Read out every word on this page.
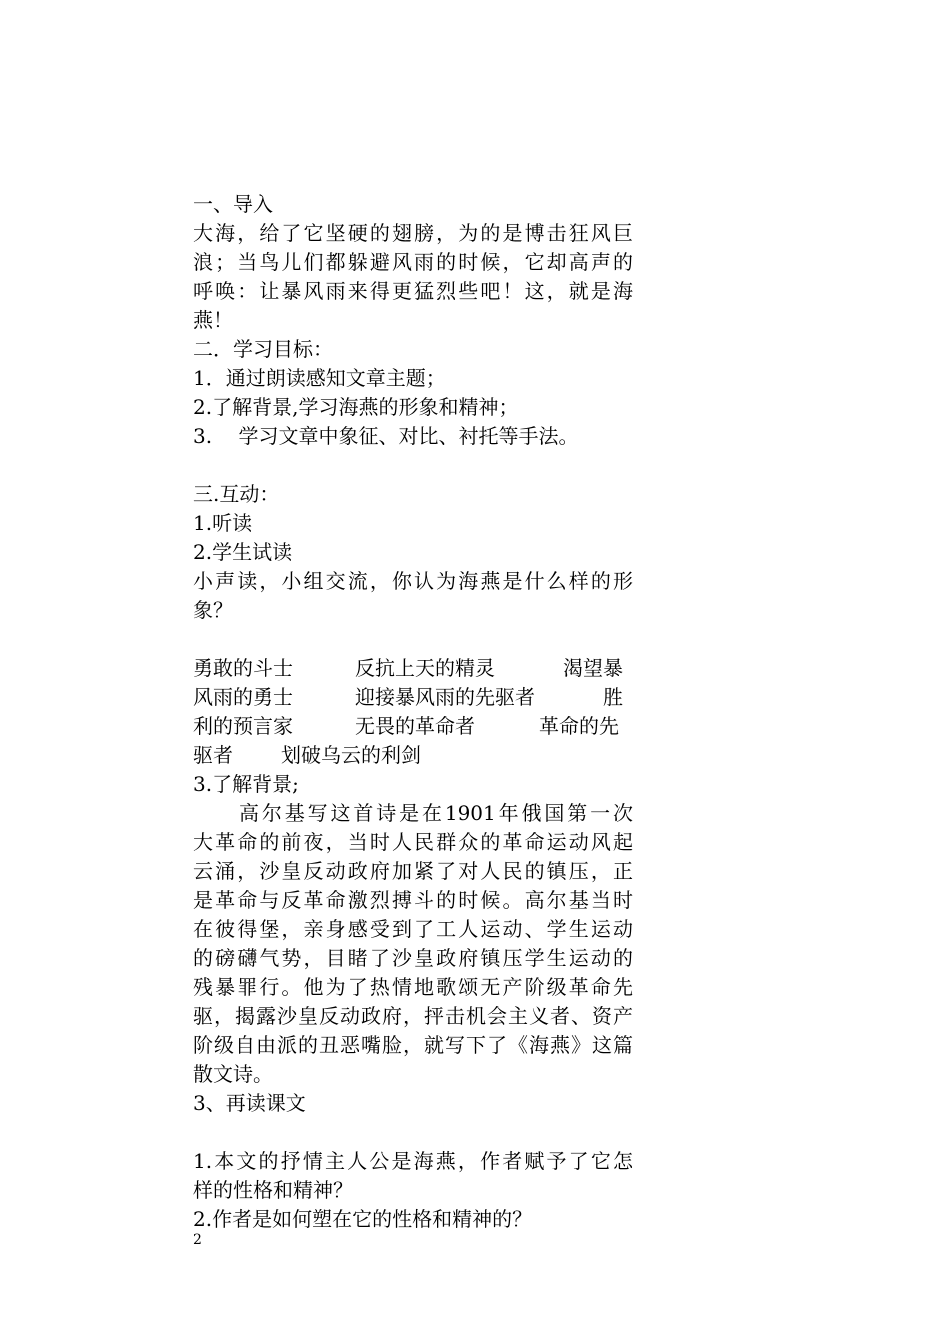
一、导入
大海，给了它坚硬的翅膀，为的是博击狂风巨
浪；当鸟儿们都躲避风雨的时候，它却高声的
呼唤：让暴风雨来得更猛烈些吧！这，就是海
燕！
二．学习目标：
1．通过朗读感知文章主题；
2.了解背景,学习海燕的形象和精神；
3.　 学习文章中象征、对比、衬托等手法。
三.互动：
1.听读
2.学生试读
小声读，小组交流，你认为海燕是什么样的形
象？

勇敢的斗士

	反抗上天的精灵

	渴望暴

风雨的勇士

	迎接暴风雨的先驱者

	胜

利的预言家

	无畏的革命者

	革命的先

驱者

划破乌云的利剑

3.了解背景;
高尔基写这首诗是在1901年俄国第一次
大革命的前夜，当时人民群众的革命运动风起
云涌，沙皇反动政府加紧了对人民的镇压，正
是革命与反革命激烈搏斗的时候。高尔基当时
在彼得堡，亲身感受到了工人运动、学生运动
的磅礴气势，目睹了沙皇政府镇压学生运动的
残暴罪行。他为了热情地歌颂无产阶级革命先
驱，揭露沙皇反动政府，抨击机会主义者、资产
阶级自由派的丑恶嘴脸，就写下了《海燕》这篇
散文诗。
3、再读课文
1.本文的抒情主人公是海燕，作者赋予了它怎
样的性格和精神？
2.作者是如何塑在它的性格和精神的？
2
